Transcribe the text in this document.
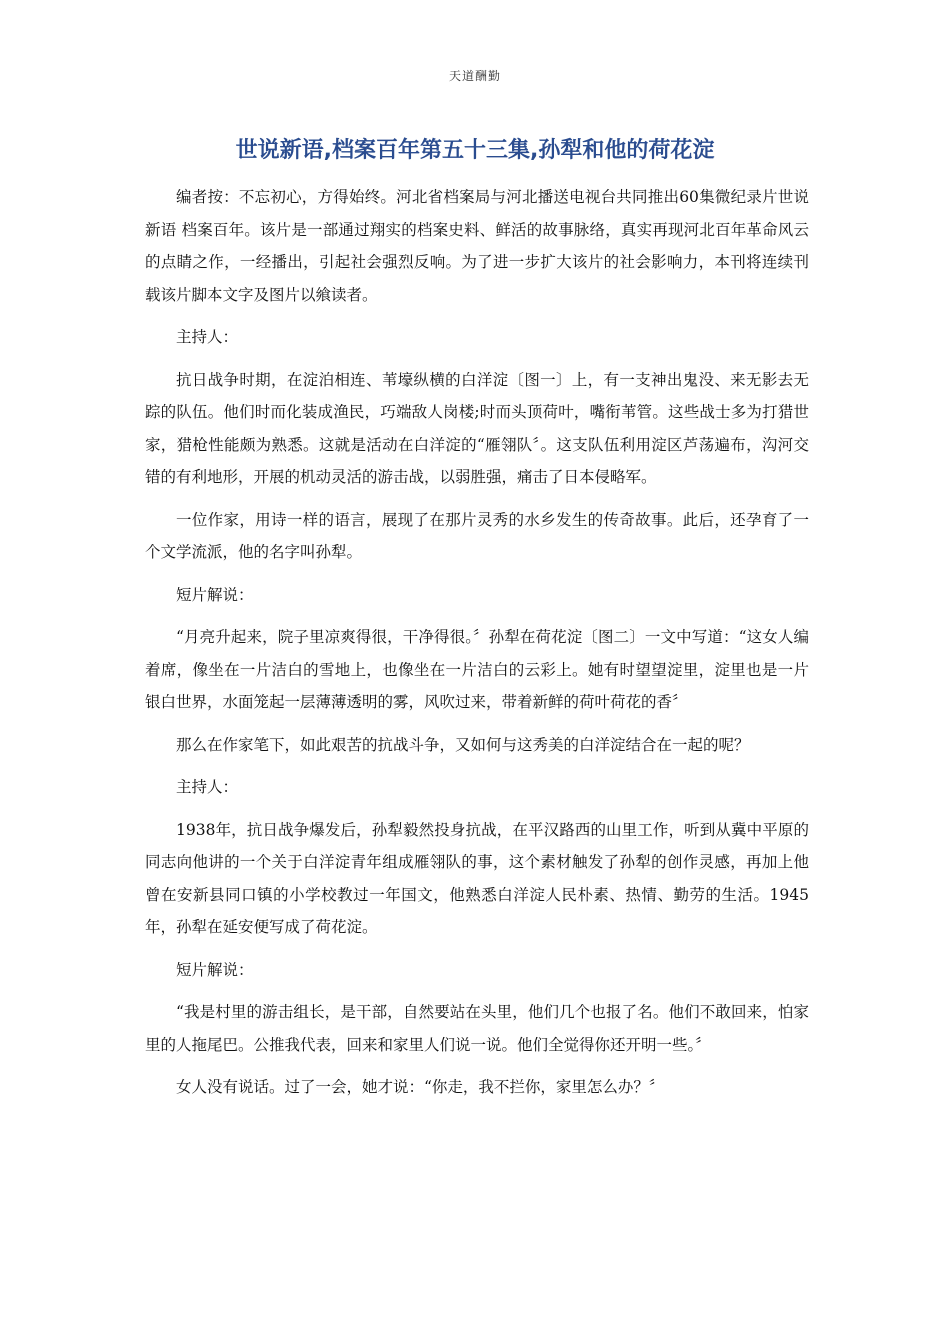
天道酬勤
世说新语,档案百年第五十三集,孙犁和他的荷花淀

编者按：不忘初心，方得始终。河北省档案局与河北播送电视台共同推出60集微纪录片世说新语 档案百年。该片是一部通过翔实的档案史料、鲜活的故事脉络，真实再现河北百年革命风云的点睛之作，一经播出，引起社会强烈反响。为了进一步扩大该片的社会影响力，本刊将连续刊载该片脚本文字及图片以飨读者。

主持人：

抗日战争时期，在淀泊相连、苇壕纵横的白洋淀〔图一〕上，有一支神出鬼没、来无影去无踪的队伍。他们时而化装成渔民，巧端敌人岗楼;时而头顶荷叶，嘴衔苇管。这些战士多为打猎世家，猎枪性能颇为熟悉。这就是活动在白洋淀的“雁翎队〞。这支队伍利用淀区芦荡遍布，沟河交错的有利地形，开展的机动灵活的游击战，以弱胜强，痛击了日本侵略军。

一位作家，用诗一样的语言，展现了在那片灵秀的水乡发生的传奇故事。此后，还孕育了一个文学流派，他的名字叫孙犁。

短片解说：

“月亮升起来，院子里凉爽得很，干净得很。〞孙犁在荷花淀〔图二〕一文中写道：“这女人编着席，像坐在一片洁白的雪地上，也像坐在一片洁白的云彩上。她有时望望淀里，淀里也是一片银白世界，水面笼起一层薄薄透明的雾，风吹过来，带着新鲜的荷叶荷花的香〞

那么在作家笔下，如此艰苦的抗战斗争，又如何与这秀美的白洋淀结合在一起的呢？

主持人：

1938年，抗日战争爆发后，孙犁毅然投身抗战，在平汉路西的山里工作，听到从冀中平原的同志向他讲的一个关于白洋淀青年组成雁翎队的事，这个素材触发了孙犁的创作灵感，再加上他曾在安新县同口镇的小学校教过一年国文，他熟悉白洋淀人民朴素、热情、勤劳的生活。1945年，孙犁在延安便写成了荷花淀。

短片解说：

“我是村里的游击组长，是干部，自然要站在头里，他们几个也报了名。他们不敢回来，怕家里的人拖尾巴。公推我代表，回来和家里人们说一说。他们全觉得你还开明一些。〞

女人没有说话。过了一会，她才说：“你走，我不拦你，家里怎么办？〞
